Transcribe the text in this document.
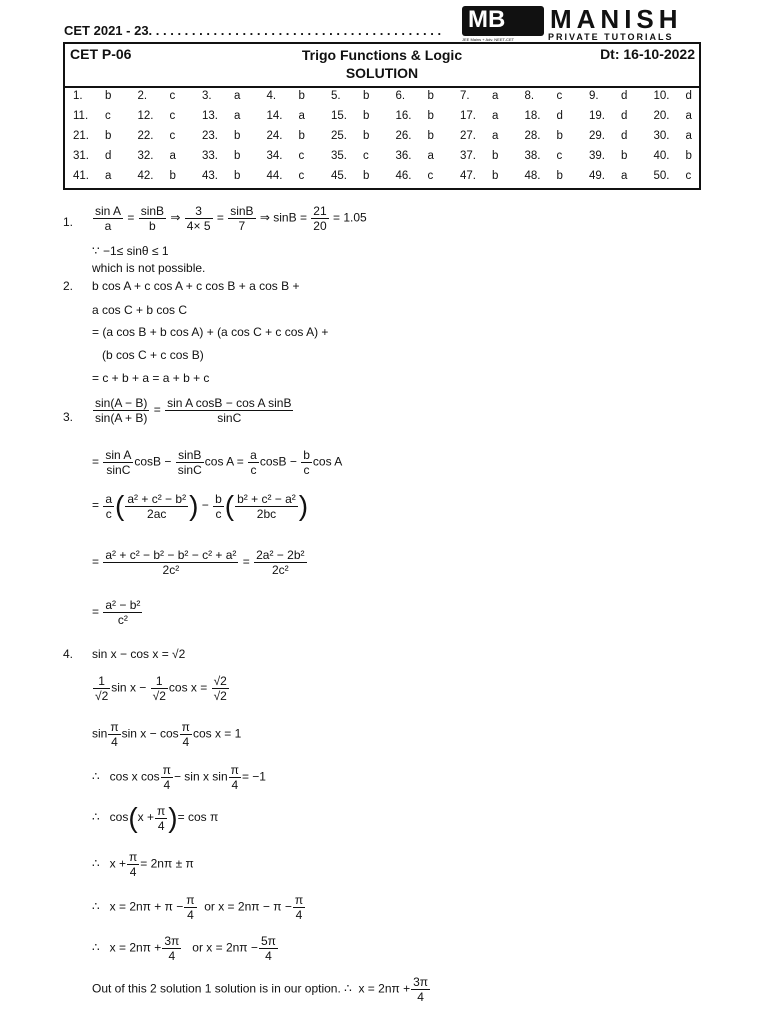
CET 2021 - 23. . . . . . . . . . . . . . . . . . . . . . . . . . . . . . . . . . . . . . . . . MB MANISH
PRIVATE TUTORIALS
JEE Mains + Adv. NEET-CET
CET P-06	Trigo Functions & Logic
SOLUTION
Dt: 16-10-2022
1. b 2. c 3. a 4. b 5. b 6. b 7. a 8. c 9. d 10. d
11. c 12. c 13. a 14. a 15. b 16. b 17. a 18. d 19. d 20. a
21. b 22. c 23. b 24. b 25. b 26. b 27. a 28. b 29. d 30. a
31. d 32. a 33. b 34. c 35. c 36. a 37. b 38. c 39. b 40. b
41. a 42. b 43. b 44. c 45. b 46. c 47. b 48. b 49. a 50. c
1. $\frac{\text{sin A}}{a} = \frac{\sin B}{b}$ ⇒ $\frac{3}{4\times 5} = \frac{\sin B}{7}$ ⇒ $\sin B = \frac{21}{20} = 1.05$
∵ −1≤ sinθ ≤ 1
which is not possible.
2. b cos A + c cos A + c cos B + a cos B +
a cos C + b cos C
= (a cos B + b cos A) + (a cos C + c cos A) +
(b cos C + c cos B)
= c + b + a = a + b + c
3. $\frac{\sin(A - B)}{\sin(A + B)} = \frac{\text{sin A cosB − cos A sinB}}{\sin C}$
= $\frac{\text{sin A}}{\sin C}$ $\cos B - \frac{\sin B}{\sin C}$ $\cos A = \frac{a}{c}$ $\cos B - \frac{b}{c}$ cos A
= $\frac{a}{c}$ ( $\frac{\text{a² + c² − b²}}{2ac}$ ) − $\frac{b}{c}$ ( $\frac{\text{b² + c² − a²}}{2bc}$ )
= $\frac{\text{a² + c² − b² − b² − c² + a²}}{\text{2c²}} = \frac{\text{2a² − 2b²}}{\text{2c²}}$
= $\frac{\text{a² − b²}}{\text{c²}}$
4. sin x − cos x = √2
$\frac{1}{√2}$ $\sin x - \frac{1}{√2}$ $\cos x = \frac{√2}{√2}$
$\sin \frac{\pi}{4}$ $\sin x - \cos \frac{\pi}{4}$ cos x = 1
∴ cos x $\cos \frac{\pi}{4} - \sin x$ $\sin \frac{\pi}{4} = -1$
∴ $\cos(x + \frac{\pi}{4}$ )= cos π
∴ $x + \frac{\pi}{4} = 2n\pi \pm \pi$
∴ $x = 2n\pi + \pi - \frac{\pi}{4}$ or $x = 2n\pi - \pi - \frac{\pi}{4}$
∴ $x = 2n\pi + \frac{3\pi}{4}$ or $x = 2n\pi - \frac{5\pi}{4}$
Out of this 2 solution 1 solution is in our option. ∴ $x = 2n\pi + \frac{3\pi}{4}$
